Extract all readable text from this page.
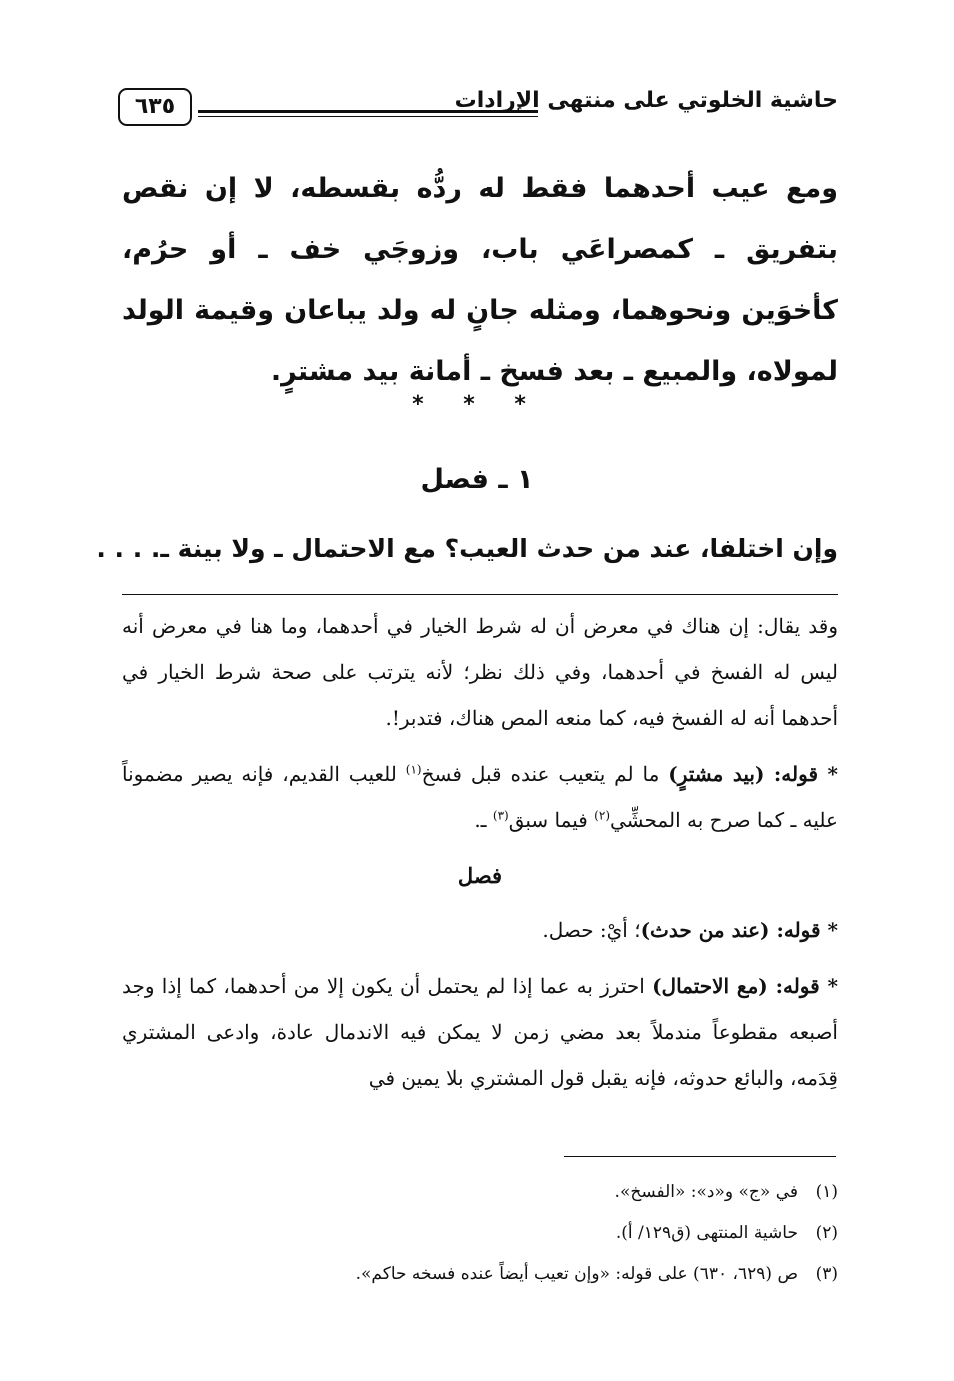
حاشية الخلوتي على منتهى الإرادات
٦٣٥
ومع عيب أحدهما فقط له ردُّه بقسطه، لا إن نقص بتفريق ـ كمصراعَي باب، وزوجَي خف ـ أو حرُم، كأخوَين ونحوهما، ومثله جانٍ له ولد يباعان وقيمة الولد لمولاه، والمبيع ـ بعد فسخ ـ أمانة بيد مشترٍ.
* * *
١ ـ فصل
وإن اختلفا، عند من حدث العيب؟ مع الاحتمال ـ ولا بينة ـ. . . .

وقد يقال: إن هناك في معرض أن له شرط الخيار في أحدهما، وما هنا في معرض أنه ليس له الفسخ في أحدهما، وفي ذلك نظر؛ لأنه يترتب على صحة شرط الخيار في أحدهما أنه له الفسخ فيه، كما منعه المص هناك، فتدبر!.

* قوله: (بيد مشترٍ) ما لم يتعيب عنده قبل فسخ$^{(١)}$ للعيب القديم، فإنه يصير مضموناً عليه ـ كما صرح به المحشِّي$^{(٢)}$ فيما سبق$^{(٣)}$ ـ.

فصل

* قوله: (عند من حدث)؛ أيْ: حصل.

* قوله: (مع الاحتمال) احترز به عما إذا لم يحتمل أن يكون إلا من أحدهما، كما إذا وجد أصبعه مقطوعاً مندملاً بعد مضي زمن لا يمكن فيه الاندمال عادة، وادعى المشتري قِدَمه، والبائع حدوثه، فإنه يقبل قول المشتري بلا يمين في

(١)في «ج» و«د»: «الفسخ».
(٢)حاشية المنتهى (ق١٢٩/ أ).
(٣)ص (٦٢٩، ٦٣٠) على قوله: «وإن تعيب أيضاً عنده فسخه حاكم».
